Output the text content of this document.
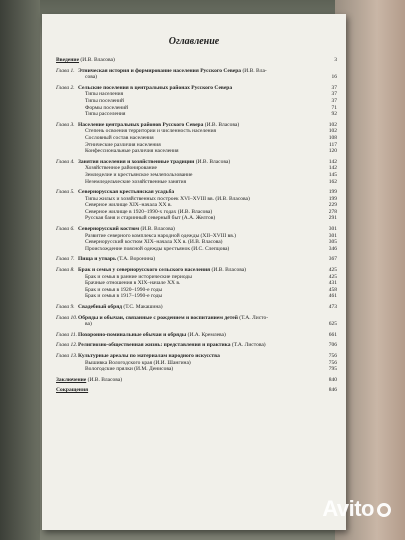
Оглавление
Введение (И.В. Власова)	3
Глава 1. Этническая история и формирование населения Русского Севера (И.В. Вла-
сова)	16
Глава 2. Сельские поселения в центральных районах Русского Севера	37
Типы населения	37
Типы поселений	37
Формы поселений	71
Типы расселения	92
Глава 3. Население центральных районов Русского Севера (И.В. Власова)	102
Степень освоения территории и численность населения	102
Сословный состав населения	108
Этнические различия населения	117
Конфессиональные различия населения	120
Глава 4. Занятия населения и хозяйственные традиции (И.В. Власова)	142
Хозяйственное районирование	142
Земледелие и крестьянское землепользование	145
Неземледельческие хозяйственные занятия	162
Глава 5. Севернорусская крестьянская усадьба	199
Типы жилых и хозяйственных построек XVI–XVIII вв. (И.В. Власова)	199
Северное жилище XIX–начала XX в.	229
Северное жилище в 1920–1990-х годах (И.В. Власова)	278
Русская баня и старинный северный быт (А.А. Желтов)	291
Глава 6. Севернорусский костюм (И.В. Власова)	301
Развитие северного комплекса народной одежды (XII–XVIII вв.)	301
Севернорусский костюм XIX–начала XX в. (И.В. Власова)	305
Происхождение поясной одежды крестьянок (И.С. Слепцова)	346
Глава 7. Пища и утварь (Т.А. Воронина)	367
Глава 8. Брак и семья у севернорусского сельского населения (И.В. Власова)	425
Брак и семья в ранние исторические периоды	425
Брачные отношения в XIX–начале XX в.	431
Брак и семья в 1920–1990-е годы	458
Брак и семья в 1917–1990-е годы	461
Глава 9. Свадебный обряд (Т.С. Макашина)	473
Глава 10. Обряды и обычаи, связанные с рождением и воспитанием детей (Т.А. Листо-
ва)	625
Глава 11. Похоронно-поминальные обычаи и обряды (И.А. Кремлева)	661
Глава 12. Религиозно-общественная жизнь: представления и практика (Т.А. Листова)	706
Глава 13. Культурные ареалы по материалам народного искусства	756
Вышивка Вологодского края (И.И. Шангина)	756
Вологодские прялки (И.М. Денисова)	795
Заключение (И.В. Власова)	840
Сокращения	846
Avito
